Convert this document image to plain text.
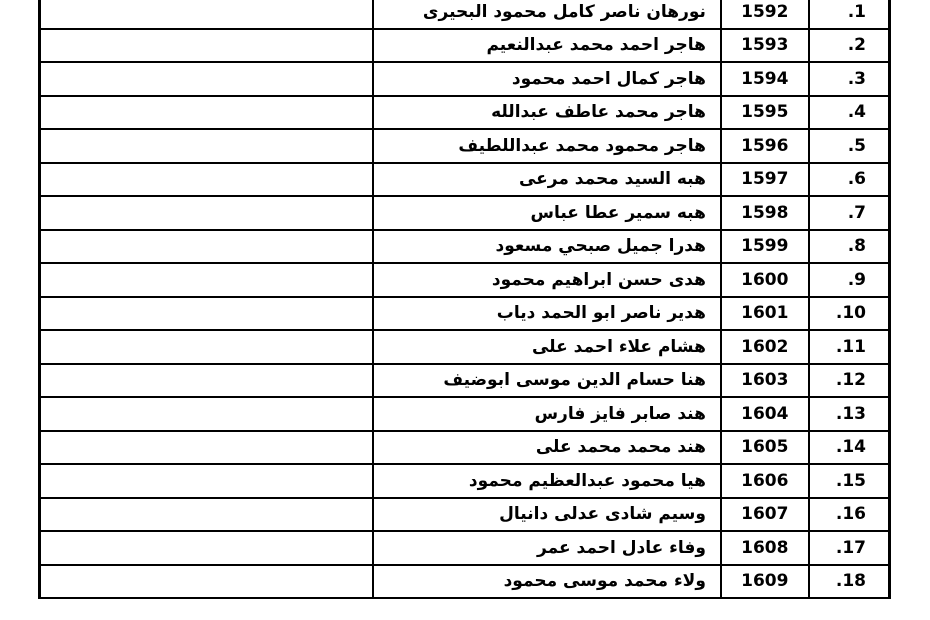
	نورهان ناصر كامل محمود البحيرى	1592	.1
	هاجر احمد محمد عبدالنعيم	1593	.2
	هاجر كمال احمد محمود	1594	.3
	هاجر محمد عاطف عبدالله	1595	.4
	هاجر محمود محمد عبداللطيف	1596	.5
	هبه السيد محمد مرعى	1597	.6
	هبه سمير عطا عباس	1598	.7
	هدرا جميل صبحي مسعود	1599	.8
	هدى حسن ابراهيم محمود	1600	.9
	هدير ناصر ابو الحمد دياب	1601	.10
	هشام علاء احمد على	1602	.11
	هنا حسام الدين موسى ابوضيف	1603	.12
	هند صابر فايز فارس	1604	.13
	هند محمد محمد على	1605	.14
	هيا محمود عبدالعظيم محمود	1606	.15
	وسيم شادى عدلى دانيال	1607	.16
	وفاء عادل احمد عمر	1608	.17
	ولاء محمد موسى محمود	1609	.18
